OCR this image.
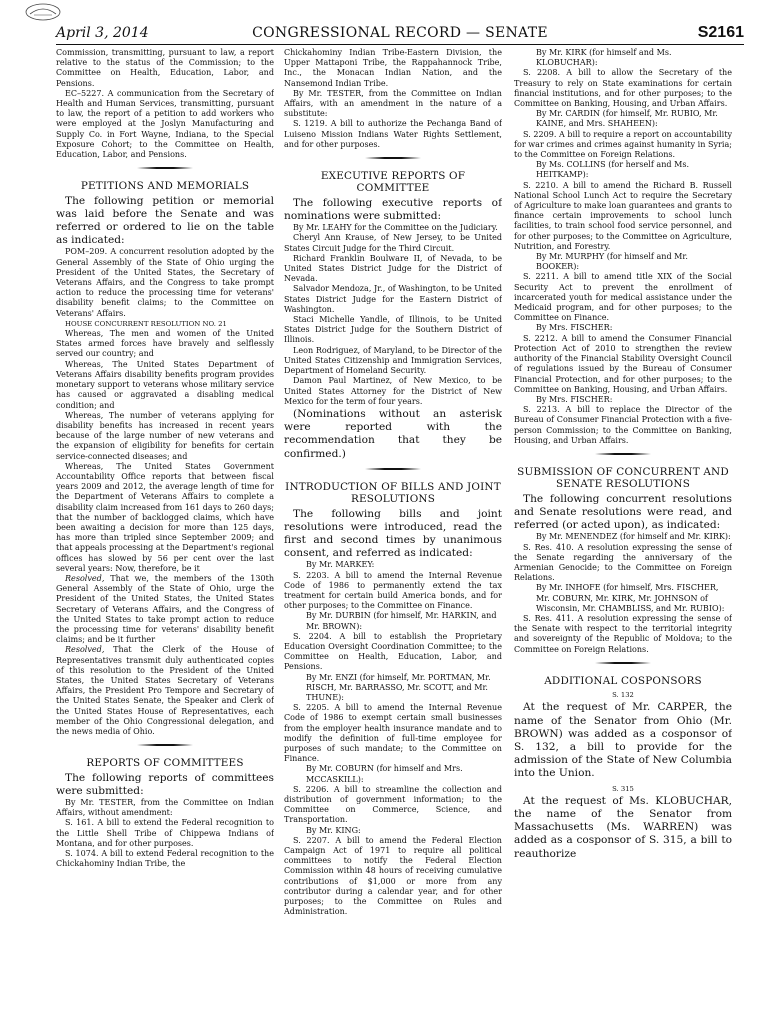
April 3, 2014	CONGRESSIONAL RECORD — SENATE	S2161

Commission, transmitting, pursuant to law, a report relative to the status of the Commission; to the Committee on Health, Education, Labor, and Pensions.

EC–5227. A communication from the Secretary of Health and Human Services, transmitting, pursuant to law, the report of a petition to add workers who were employed at the Joslyn Manufacturing and Supply Co. in Fort Wayne, Indiana, to the Special Exposure Cohort; to the Committee on Health, Education, Labor, and Pensions.

PETITIONS AND MEMORIALS

The following petition or memorial was laid before the Senate and was referred or ordered to lie on the table as indicated:

POM–209. A concurrent resolution adopted by the General Assembly of the State of Ohio urging the President of the United States, the Secretary of Veterans Affairs, and the Congress to take prompt action to reduce the processing time for veterans' disability benefit claims; to the Committee on Veterans' Affairs.

HOUSE CONCURRENT RESOLUTION NO. 21

Whereas, The men and women of the United States armed forces have bravely and selflessly served our country; and

Whereas, The United States Department of Veterans Affairs disability benefits program provides monetary support to veterans whose military service has caused or aggravated a disabling medical condition; and

Whereas, The number of veterans applying for disability benefits has increased in recent years because of the large number of new veterans and the expansion of eligibility for benefits for certain service-connected diseases; and

Whereas, The United States Government Accountability Office reports that between fiscal years 2009 and 2012, the average length of time for the Department of Veterans Affairs to complete a disability claim increased from 161 days to 260 days; that the number of backlogged claims, which have been awaiting a decision for more than 125 days, has more than tripled since September 2009; and that appeals processing at the Department's regional offices has slowed by 56 per cent over the last several years: Now, therefore, be it

Resolved, That we, the members of the 130th General Assembly of the State of Ohio, urge the President of the United States, the United States Secretary of Veterans Affairs, and the Congress of the United States to take prompt action to reduce the processing time for veterans' disability benefit claims; and be it further

Resolved, That the Clerk of the House of Representatives transmit duly authenticated copies of this resolution to the President of the United States, the United States Secretary of Veterans Affairs, the President Pro Tempore and Secretary of the United States Senate, the Speaker and Clerk of the United States House of Representatives, each member of the Ohio Congressional delegation, and the news media of Ohio.

REPORTS OF COMMITTEES

The following reports of committees were submitted:

By Mr. TESTER, from the Committee on Indian Affairs, without amendment:

S. 161. A bill to extend the Federal recognition to the Little Shell Tribe of Chippewa Indians of Montana, and for other purposes.

S. 1074. A bill to extend Federal recognition to the Chickahominy Indian Tribe, the

Chickahominy Indian Tribe-Eastern Division, the Upper Mattaponi Tribe, the Rappahannock Tribe, Inc., the Monacan Indian Nation, and the Nansemond Indian Tribe.

By Mr. TESTER, from the Committee on Indian Affairs, with an amendment in the nature of a substitute:

S. 1219. A bill to authorize the Pechanga Band of Luiseno Mission Indians Water Rights Settlement, and for other purposes.

EXECUTIVE REPORTS OF COMMITTEE

The following executive reports of nominations were submitted:

By Mr. LEAHY for the Committee on the Judiciary.

Cheryl Ann Krause, of New Jersey, to be United States Circuit Judge for the Third Circuit.

Richard Franklin Boulware II, of Nevada, to be United States District Judge for the District of Nevada.

Salvador Mendoza, Jr., of Washington, to be United States District Judge for the Eastern District of Washington.

Staci Michelle Yandle, of Illinois, to be United States District Judge for the Southern District of Illinois.

Leon Rodriguez, of Maryland, to be Director of the United States Citizenship and Immigration Services, Department of Homeland Security.

Damon Paul Martinez, of New Mexico, to be United States Attorney for the District of New Mexico for the term of four years.

(Nominations without an asterisk were reported with the recommendation that they be confirmed.)

INTRODUCTION OF BILLS AND JOINT RESOLUTIONS

The following bills and joint resolutions were introduced, read the first and second times by unanimous consent, and referred as indicated:

By Mr. MARKEY:

S. 2203. A bill to amend the Internal Revenue Code of 1986 to permanently extend the tax treatment for certain build America bonds, and for other purposes; to the Committee on Finance.

By Mr. DURBIN (for himself, Mr. HARKIN, and Mr. BROWN):

S. 2204. A bill to establish the Proprietary Education Oversight Coordination Committee; to the Committee on Health, Education, Labor, and Pensions.

By Mr. ENZI (for himself, Mr. PORTMAN, Mr. RISCH, Mr. BARRASSO, Mr. SCOTT, and Mr. THUNE):

S. 2205. A bill to amend the Internal Revenue Code of 1986 to exempt certain small businesses from the employer health insurance mandate and to modify the definition of full-time employee for purposes of such mandate; to the Committee on Finance.

By Mr. COBURN (for himself and Mrs. MCCASKILL):

S. 2206. A bill to streamline the collection and distribution of government information; to the Committee on Commerce, Science, and Transportation.

By Mr. KING:

S. 2207. A bill to amend the Federal Election Campaign Act of 1971 to require all political committees to notify the Federal Election Commission within 48 hours of receiving cumulative contributions of $1,000 or more from any contributor during a calendar year, and for other purposes; to the Committee on Rules and Administration.

By Mr. KIRK (for himself and Ms. KLOBUCHAR):

S. 2208. A bill to allow the Secretary of the Treasury to rely on State examinations for certain financial institutions, and for other purposes; to the Committee on Banking, Housing, and Urban Affairs.

By Mr. CARDIN (for himself, Mr. RUBIO, Mr. KAINE, and Mrs. SHAHEEN):

S. 2209. A bill to require a report on accountability for war crimes and crimes against humanity in Syria; to the Committee on Foreign Relations.

By Ms. COLLINS (for herself and Ms. HEITKAMP):

S. 2210. A bill to amend the Richard B. Russell National School Lunch Act to require the Secretary of Agriculture to make loan guarantees and grants to finance certain improvements to school lunch facilities, to train school food service personnel, and for other purposes; to the Committee on Agriculture, Nutrition, and Forestry.

By Mr. MURPHY (for himself and Mr. BOOKER):

S. 2211. A bill to amend title XIX of the Social Security Act to prevent the enrollment of incarcerated youth for medical assistance under the Medicaid program, and for other purposes; to the Committee on Finance.

By Mrs. FISCHER:

S. 2212. A bill to amend the Consumer Financial Protection Act of 2010 to strengthen the review authority of the Financial Stability Oversight Council of regulations issued by the Bureau of Consumer Financial Protection, and for other purposes; to the Committee on Banking, Housing, and Urban Affairs.

By Mrs. FISCHER:

S. 2213. A bill to replace the Director of the Bureau of Consumer Financial Protection with a five-person Commission; to the Committee on Banking, Housing, and Urban Affairs.

SUBMISSION OF CONCURRENT AND SENATE RESOLUTIONS

The following concurrent resolutions and Senate resolutions were read, and referred (or acted upon), as indicated:

By Mr. MENENDEZ (for himself and Mr. KIRK):

S. Res. 410. A resolution expressing the sense of the Senate regarding the anniversary of the Armenian Genocide; to the Committee on Foreign Relations.

By Mr. INHOFE (for himself, Mrs. FISCHER, Mr. COBURN, Mr. KIRK, Mr. JOHNSON of Wisconsin, Mr. CHAMBLISS, and Mr. RUBIO):

S. Res. 411. A resolution expressing the sense of the Senate with respect to the territorial integrity and sovereignty of the Republic of Moldova; to the Committee on Foreign Relations.

ADDITIONAL COSPONSORS

S. 132

At the request of Mr. CARPER, the name of the Senator from Ohio (Mr. BROWN) was added as a cosponsor of S. 132, a bill to provide for the admission of the State of New Columbia into the Union.

S. 315

At the request of Ms. KLOBUCHAR, the name of the Senator from Massachusetts (Ms. WARREN) was added as a cosponsor of S. 315, a bill to reauthorize
